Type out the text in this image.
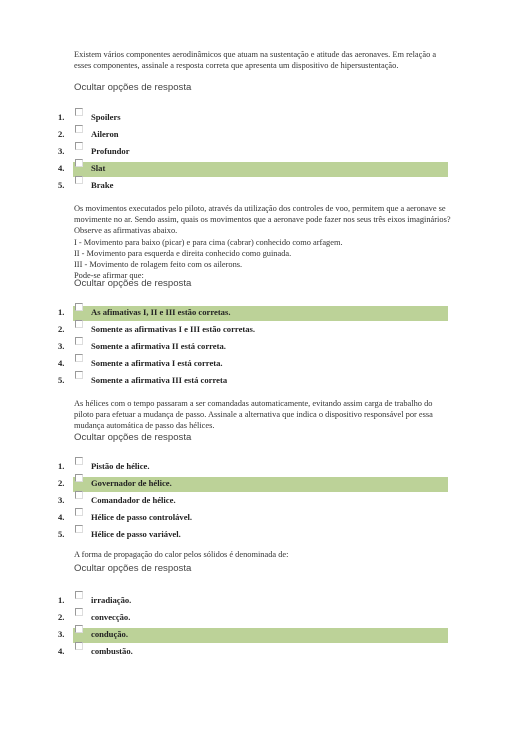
Existem vários componentes aerodinâmicos que atuam na sustentação e atitude das aeronaves. Em relação a esses componentes, assinale a resposta correta que apresenta um dispositivo de hipersustentação.

Ocultar opções de resposta
1.	Spoilers
2.	Aileron
3.	Profundor
4.	Slat
5.	Brake

Os movimentos executados pelo piloto, através da utilização dos controles de voo, permitem que a aeronave se movimente no ar. Sendo assim, quais os movimentos que a aeronave pode fazer nos seus três eixos imaginários? Observe as afirmativas abaixo.

I - Movimento para baixo (picar) e para cima (cabrar) conhecido como arfagem.

II - Movimento para esquerda e direita conhecido como guinada.

III - Movimento de rolagem feito com os ailerons.

Pode-se afirmar que:

Ocultar opções de resposta
1.	As afimativas I, II e III estão corretas.
2.	Somente as afirmativas I e III estão corretas.
3.	Somente a afirmativa II está correta.
4.	Somente a afirmativa I está correta.
5.	Somente a afirmativa III está correta

As hélices com o tempo passaram a ser comandadas automaticamente, evitando assim carga de trabalho do piloto para efetuar a mudança de passo. Assinale a alternativa que indica o dispositivo responsável por essa mudança automática de passo das hélices.

Ocultar opções de resposta
1.	Pistão de hélice.
2.	Governador de hélice.
3.	Comandador de hélice.
4.	Hélice de passo controlável.
5.	Hélice de passo variável.

A forma de propagação do calor pelos sólidos é denominada de:

Ocultar opções de resposta
1.	irradiação.
2.	convecção.
3.	condução.
4.	combustão.
